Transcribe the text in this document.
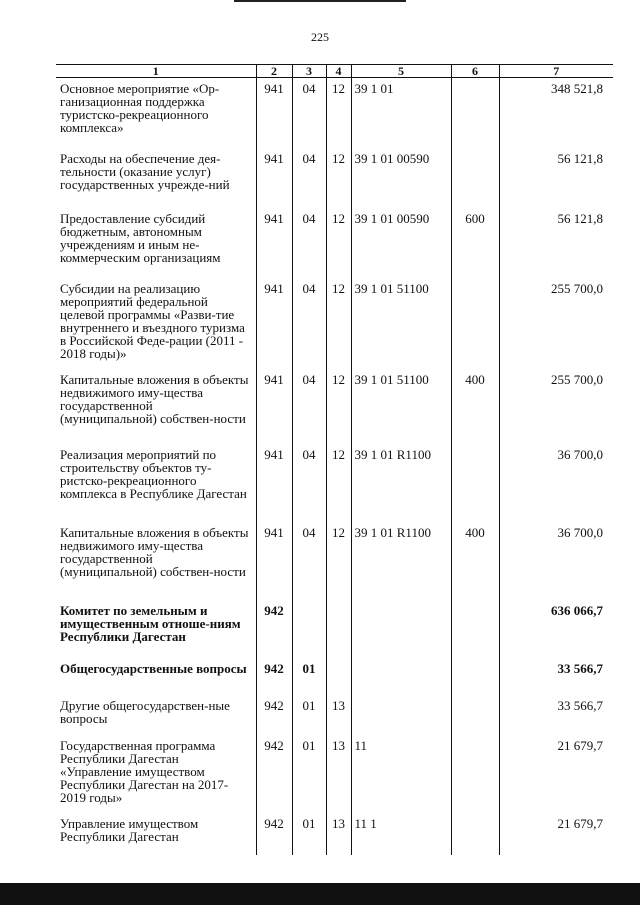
225
1	2	3	4	5	6	7
Основное мероприятие «Ор-ганизационная поддержка туристско-рекреационного комплекса»	941	04	12	39 1 01		348 521,8
Расходы на обеспечение дея-тельности (оказание услуг) государственных учрежде-ний	941	04	12	39 1 01 00590		56 121,8
Предоставление субсидий бюджетным, автономным учреждениям и иным не-коммерческим организациям	941	04	12	39 1 01 00590	600	56 121,8
Субсидии на реализацию мероприятий федеральной целевой программы «Разви-тие внутреннего и въездного туризма в Российской Феде-рации (2011 - 2018 годы)»	941	04	12	39 1 01 51100		255 700,0
Капитальные вложения в объекты недвижимого иму-щества государственной (муниципальной) собствен-ности	941	04	12	39 1 01 51100	400	255 700,0
Реализация мероприятий по строительству объектов ту-ристско-рекреационного комплекса в Республике Дагестан	941	04	12	39 1 01 R1100		36 700,0
Капитальные вложения в объекты недвижимого иму-щества государственной (муниципальной) собствен-ности	941	04	12	39 1 01 R1100	400	36 700,0
Комитет по земельным и имущественным отноше-ниям Республики Дагестан	942					636 066,7
Общегосударственные вопросы	942	01				33 566,7
Другие общегосударствен-ные вопросы	942	01	13			33 566,7
Государственная программа Республики Дагестан «Управление имуществом Республики Дагестан на 2017-2019 годы»	942	01	13	11		21 679,7
Управление имуществом Республики Дагестан	942	01	13	11 1		21 679,7
